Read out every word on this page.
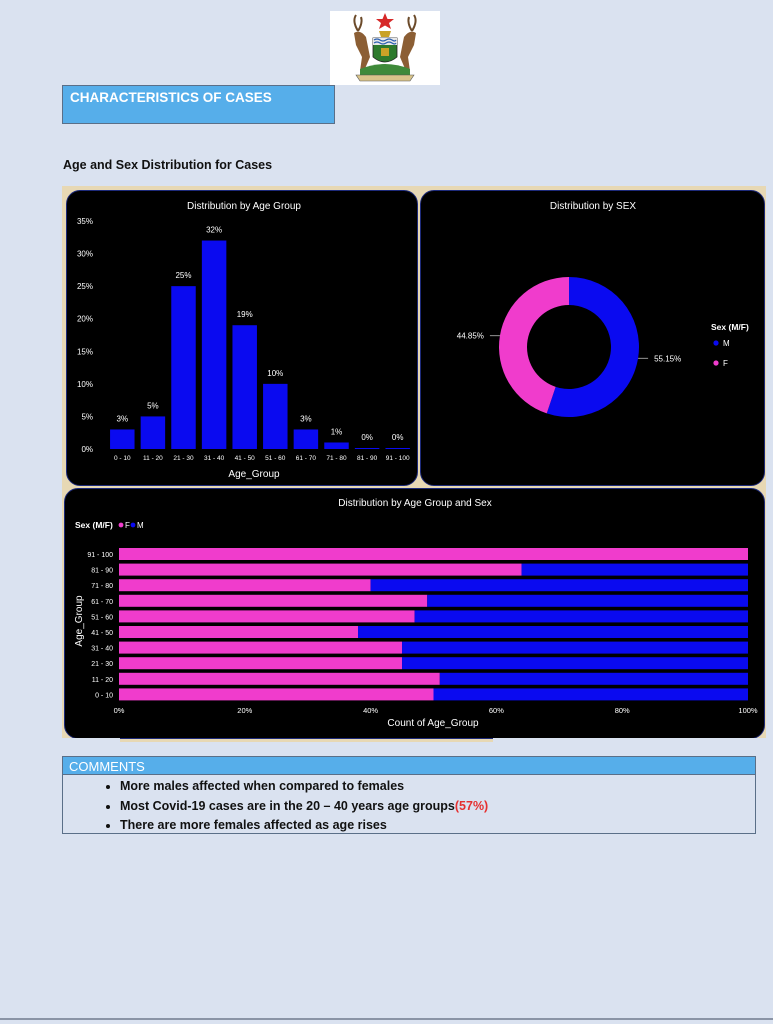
CHARACTERISTICS OF CASES
Age and Sex Distribution for Cases
Distribution by Age Group
Age_Group
0%
5%
10%
15%
20%
25%
30%
35%
3%
0 - 10
5%
11 - 20
25%
21 - 30
32%
31 - 40
19%
41 - 50
10%
51 - 60
3%
61 - 70
1%
71 - 80
0%
81 - 90
0%
91 - 100
Distribution by SEX
Sex (M/F)
55.15%
44.85%
M
F
Distribution by Age Group and Sex
Count of Age_Group
Age_Group
Sex (M/F) F M
91 - 100
81 - 90
71 - 80
61 - 70
51 - 60
41 - 50
31 - 40
21 - 30
11 - 20
0 - 10
0%	20%	40%	60%	80%	100%
COMMENTS
• More males affected when compared to females
• Most Covid-19 cases are in the 20 – 40 years age groups(57%)
• There are more females affected as age rises
